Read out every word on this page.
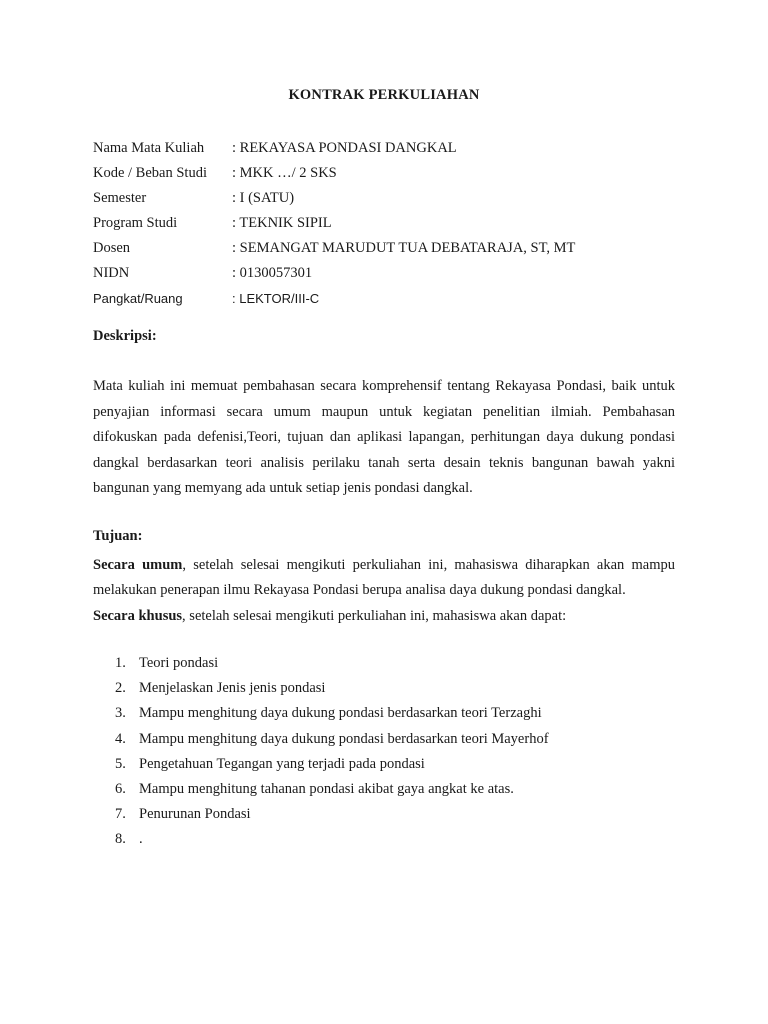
KONTRAK PERKULIAHAN
Nama Mata Kuliah : REKAYASA PONDASI DANGKAL
Kode / Beban Studi : MKK …/ 2 SKS
Semester	: I (SATU)
Program Studi	: TEKNIK SIPIL
Dosen	: SEMANGAT MARUDUT TUA DEBATARAJA, ST, MT
NIDN	: 0130057301
Pangkat/Ruang	: LEKTOR/III-C
Deskripsi:
Mata kuliah ini memuat pembahasan secara komprehensif tentang Rekayasa Pondasi, baik untuk penyajian informasi secara umum maupun untuk kegiatan penelitian ilmiah. Pembahasan difokuskan pada defenisi,Teori, tujuan dan aplikasi lapangan, perhitungan daya dukung pondasi dangkal berdasarkan teori analisis perilaku tanah serta desain teknis bangunan bawah yakni bangunan yang memyang ada untuk setiap jenis pondasi dangkal.
Tujuan:

Secara umum, setelah selesai mengikuti perkuliahan ini, mahasiswa diharapkan akan mampu melakukan penerapan ilmu Rekayasa Pondasi berupa analisa daya dukung pondasi dangkal.

Secara khusus, setelah selesai mengikuti perkuliahan ini, mahasiswa akan dapat:

1. Teori pondasi
2. Menjelaskan Jenis jenis pondasi
3. Mampu menghitung daya dukung pondasi berdasarkan teori Terzaghi
4. Mampu menghitung daya dukung pondasi berdasarkan teori Mayerhof
5. Pengetahuan Tegangan yang terjadi pada pondasi
6. Mampu menghitung tahanan pondasi akibat gaya angkat ke atas.
7. Penurunan Pondasi
8. .
